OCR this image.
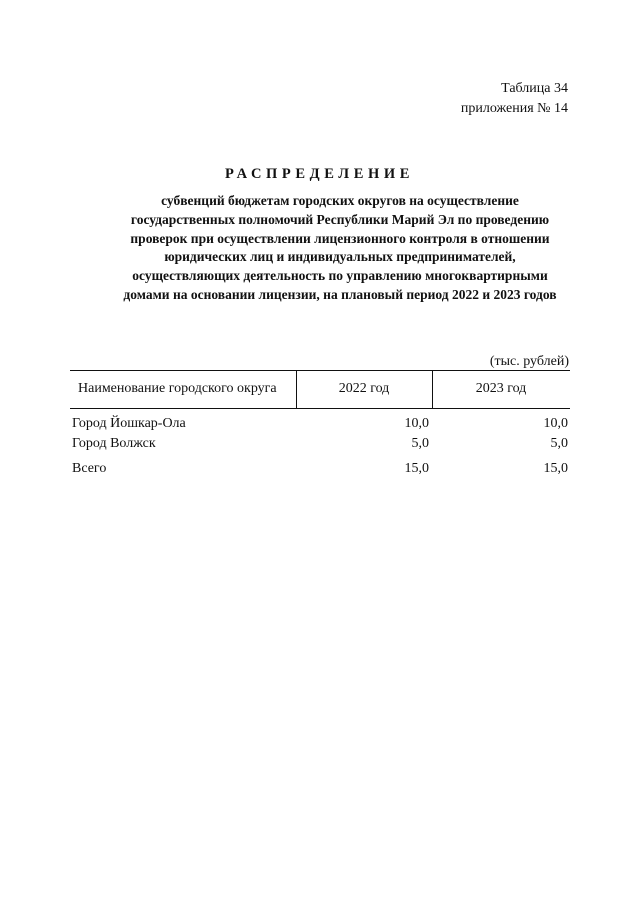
Таблица 34
приложения № 14
РАСПРЕДЕЛЕНИЕ
субвенций бюджетам городских округов на осуществление
государственных полномочий Республики Марий Эл по проведению
проверок при осуществлении лицензионного контроля в отношении
юридических лиц и индивидуальных предпринимателей,
осуществляющих деятельность по управлению многоквартирными
домами на основании лицензии, на плановый период 2022 и 2023 годов
(тыс. рублей)
Наименование городского округа	2022 год	2023 год
Город Йошкар-Ола	10,0	10,0
Город Волжск	5,0	5,0
Всего	15,0	15,0
